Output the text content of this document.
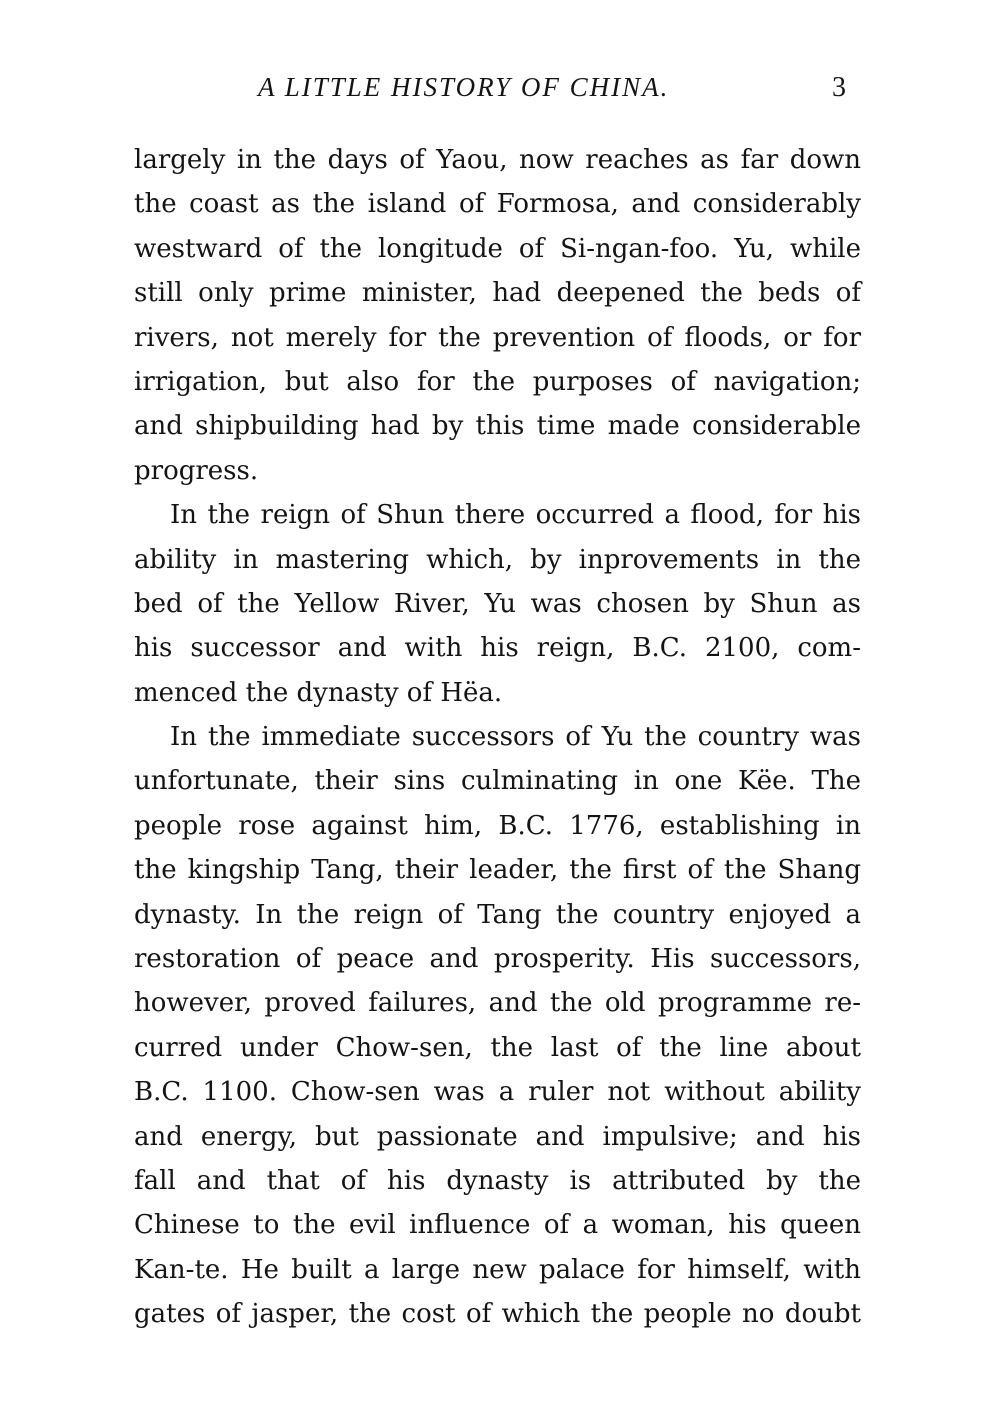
A LITTLE HISTORY OF CHINA.	3
largely in the days of Yaou, now reaches as far down
the coast as the island of Formosa, and considerably
westward of the longitude of Si-ngan-foo. Yu, while
still only prime minister, had deepened the beds of
rivers, not merely for the prevention of floods, or for
irrigation, but also for the purposes of navigation;
and shipbuilding had by this time made considerable
progress.
In the reign of Shun there occurred a flood, for his
ability in mastering which, by inprovements in the
bed of the Yellow River, Yu was chosen by Shun as
his successor and with his reign, B.C. 2100, com-
menced the dynasty of Hëa.
In the immediate successors of Yu the country was
unfortunate, their sins culminating in one Këe. The
people rose against him, B.C. 1776, establishing in
the kingship Tang, their leader, the first of the Shang
dynasty. In the reign of Tang the country enjoyed a
restoration of peace and prosperity. His successors,
however, proved failures, and the old programme re-
curred under Chow-sen, the last of the line about
B.C. 1100. Chow-sen was a ruler not without ability
and energy, but passionate and impulsive; and his
fall and that of his dynasty is attributed by the
Chinese to the evil influence of a woman, his queen
Kan-te. He built a large new palace for himself, with
gates of jasper, the cost of which the people no doubt
